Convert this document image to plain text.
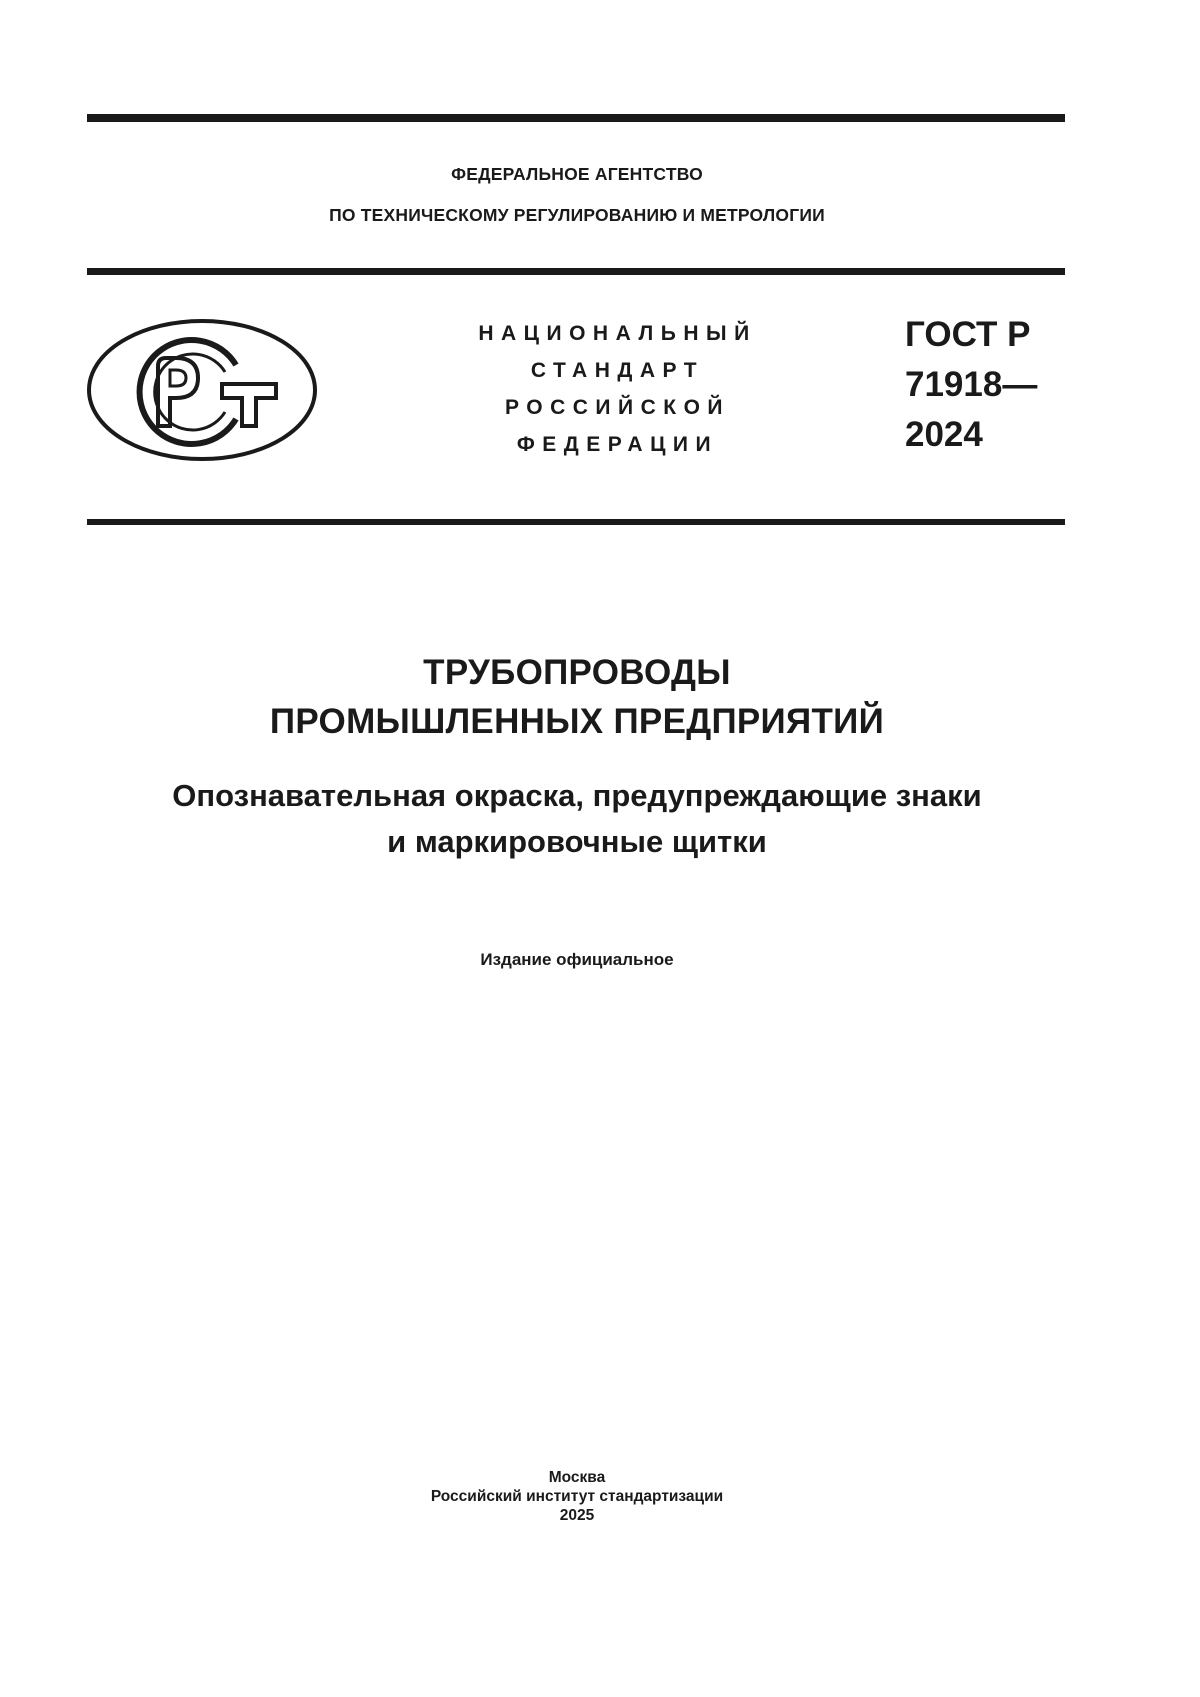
ФЕДЕРАЛЬНОЕ АГЕНТСТВО
ПО ТЕХНИЧЕСКОМУ РЕГУЛИРОВАНИЮ И МЕТРОЛОГИИ
НАЦИОНАЛЬНЫЙ
СТАНДАРТ
РОССИЙСКОЙ
ФЕДЕРАЦИИ
ГОСТ Р
71918—
2024
ТРУБОПРОВОДЫ
ПРОМЫШЛЕННЫХ ПРЕДПРИЯТИЙ
Опознавательная окраска, предупреждающие знаки
и маркировочные щитки
Издание официальное
Москва
Российский институт стандартизации
2025
